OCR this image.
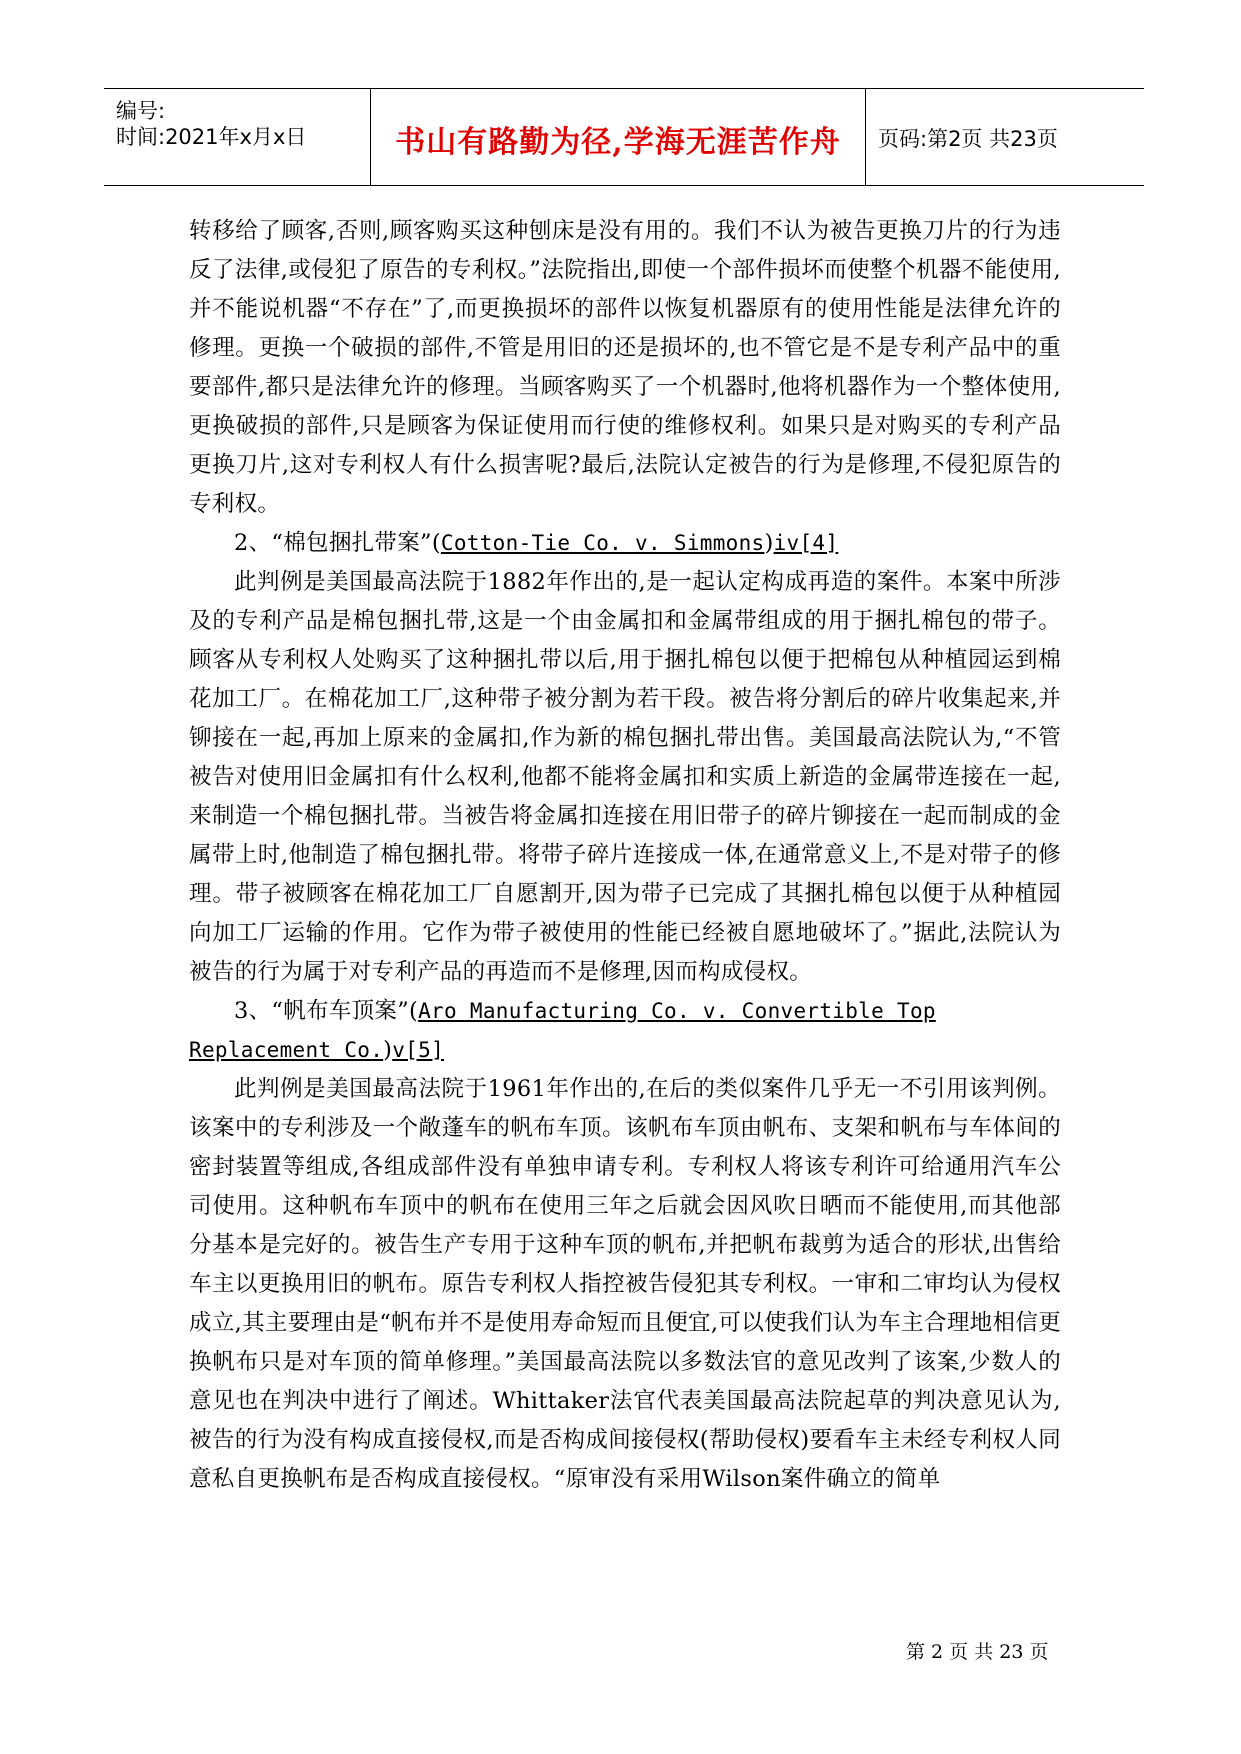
编号:
时间:2021年x月x日	书山有路勤为径,学海无涯苦作舟	页码:第2页 共23页

转移给了顾客,否则,顾客购买这种刨床是没有用的。我们不认为被告更换刀片的行为违反了法律,或侵犯了原告的专利权。”法院指出,即使一个部件损坏而使整个机器不能使用,并不能说机器“不存在”了,而更换损坏的部件以恢复机器原有的使用性能是法律允许的修理。更换一个破损的部件,不管是用旧的还是损坏的,也不管它是不是专利产品中的重要部件,都只是法律允许的修理。当顾客购买了一个机器时,他将机器作为一个整体使用,更换破损的部件,只是顾客为保证使用而行使的维修权利。如果只是对购买的专利产品更换刀片,这对专利权人有什么损害呢?最后,法院认定被告的行为是修理,不侵犯原告的专利权。

2、“棉包捆扎带案”(Cotton-Tie Co. v. Simmons)iv[4]

此判例是美国最高法院于1882年作出的,是一起认定构成再造的案件。本案中所涉及的专利产品是棉包捆扎带,这是一个由金属扣和金属带组成的用于捆扎棉包的带子。顾客从专利权人处购买了这种捆扎带以后,用于捆扎棉包以便于把棉包从种植园运到棉花加工厂。在棉花加工厂,这种带子被分割为若干段。被告将分割后的碎片收集起来,并铆接在一起,再加上原来的金属扣,作为新的棉包捆扎带出售。美国最高法院认为,“不管被告对使用旧金属扣有什么权利,他都不能将金属扣和实质上新造的金属带连接在一起,来制造一个棉包捆扎带。当被告将金属扣连接在用旧带子的碎片铆接在一起而制成的金属带上时,他制造了棉包捆扎带。将带子碎片连接成一体,在通常意义上,不是对带子的修理。带子被顾客在棉花加工厂自愿割开,因为带子已完成了其捆扎棉包以便于从种植园向加工厂运输的作用。它作为带子被使用的性能已经被自愿地破坏了。”据此,法院认为被告的行为属于对专利产品的再造而不是修理,因而构成侵权。

3、“帆布车顶案”(Aro Manufacturing Co. v. Convertible Top

Replacement Co.)v[5]

此判例是美国最高法院于1961年作出的,在后的类似案件几乎无一不引用该判例。该案中的专利涉及一个敞蓬车的帆布车顶。该帆布车顶由帆布、支架和帆布与车体间的密封装置等组成,各组成部件没有单独申请专利。专利权人将该专利许可给通用汽车公司使用。这种帆布车顶中的帆布在使用三年之后就会因风吹日晒而不能使用,而其他部分基本是完好的。被告生产专用于这种车顶的帆布,并把帆布裁剪为适合的形状,出售给车主以更换用旧的帆布。原告专利权人指控被告侵犯其专利权。一审和二审均认为侵权成立,其主要理由是“帆布并不是使用寿命短而且便宜,可以使我们认为车主合理地相信更换帆布只是对车顶的简单修理。”美国最高法院以多数法官的意见改判了该案,少数人的意见也在判决中进行了阐述。Whittaker法官代表美国最高法院起草的判决意见认为,被告的行为没有构成直接侵权,而是否构成间接侵权(帮助侵权)要看车主未经专利权人同意私自更换帆布是否构成直接侵权。“原审没有采用Wilson案件确立的简单

第 2 页 共 23 页
